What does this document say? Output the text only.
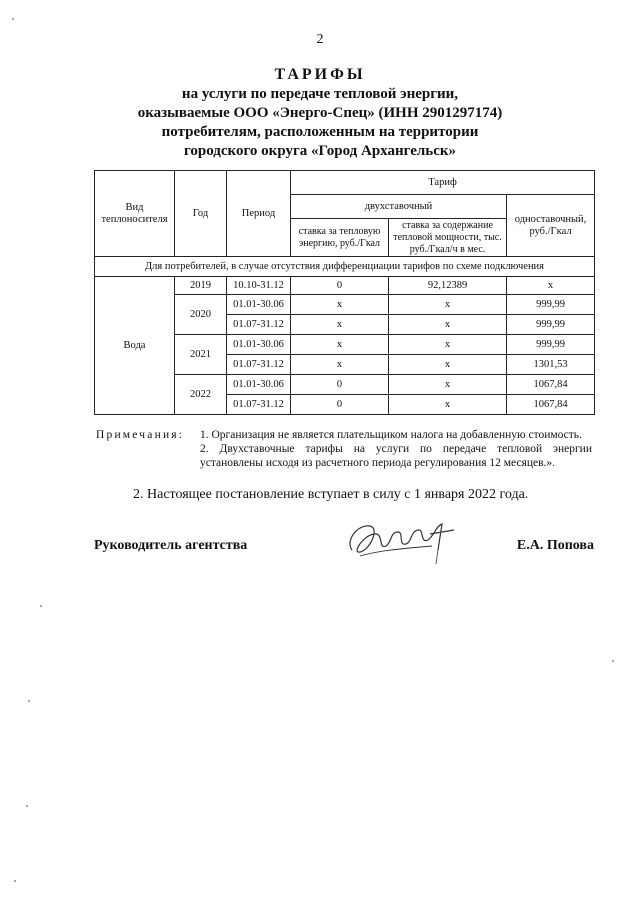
2
ТАРИФЫ
на услуги по передаче тепловой энергии,
оказываемые ООО «Энерго-Спец» (ИНН 2901297174)
потребителям, расположенным на территории
городского округа «Город Архангельск»
Вид теплоносителя	Год	Период	Тариф		
			двухставочный		одноставочный, руб./Гкал
			ставка за тепловую энергию, руб./Гкал	ставка за содержание тепловой мощности, тыс. руб./Гкал/ч в мес.	
Для потребителей, в случае отсутствия дифференциации тарифов по схеме подключения					
Вода	2019	10.10-31.12	0	92,12389	х
	2020	01.01-30.06	х	х	999,99
		01.07-31.12	х	х	999,99
	2021	01.01-30.06	х	х	999,99
		01.07-31.12	х	х	1301,53
	2022	01.01-30.06	0	х	1067,84
		01.07-31.12	0	х	1067,84
Примечания: 1. Организация не является плательщиком налога на добавленную стоимость.
2. Двухставочные тарифы на услуги по передаче тепловой энергии
установлены исходя из расчетного периода регулирования 12 месяцев.».
2. Настоящее постановление вступает в силу с 1 января 2022 года.
Руководитель агентства	Е.А. Попова
